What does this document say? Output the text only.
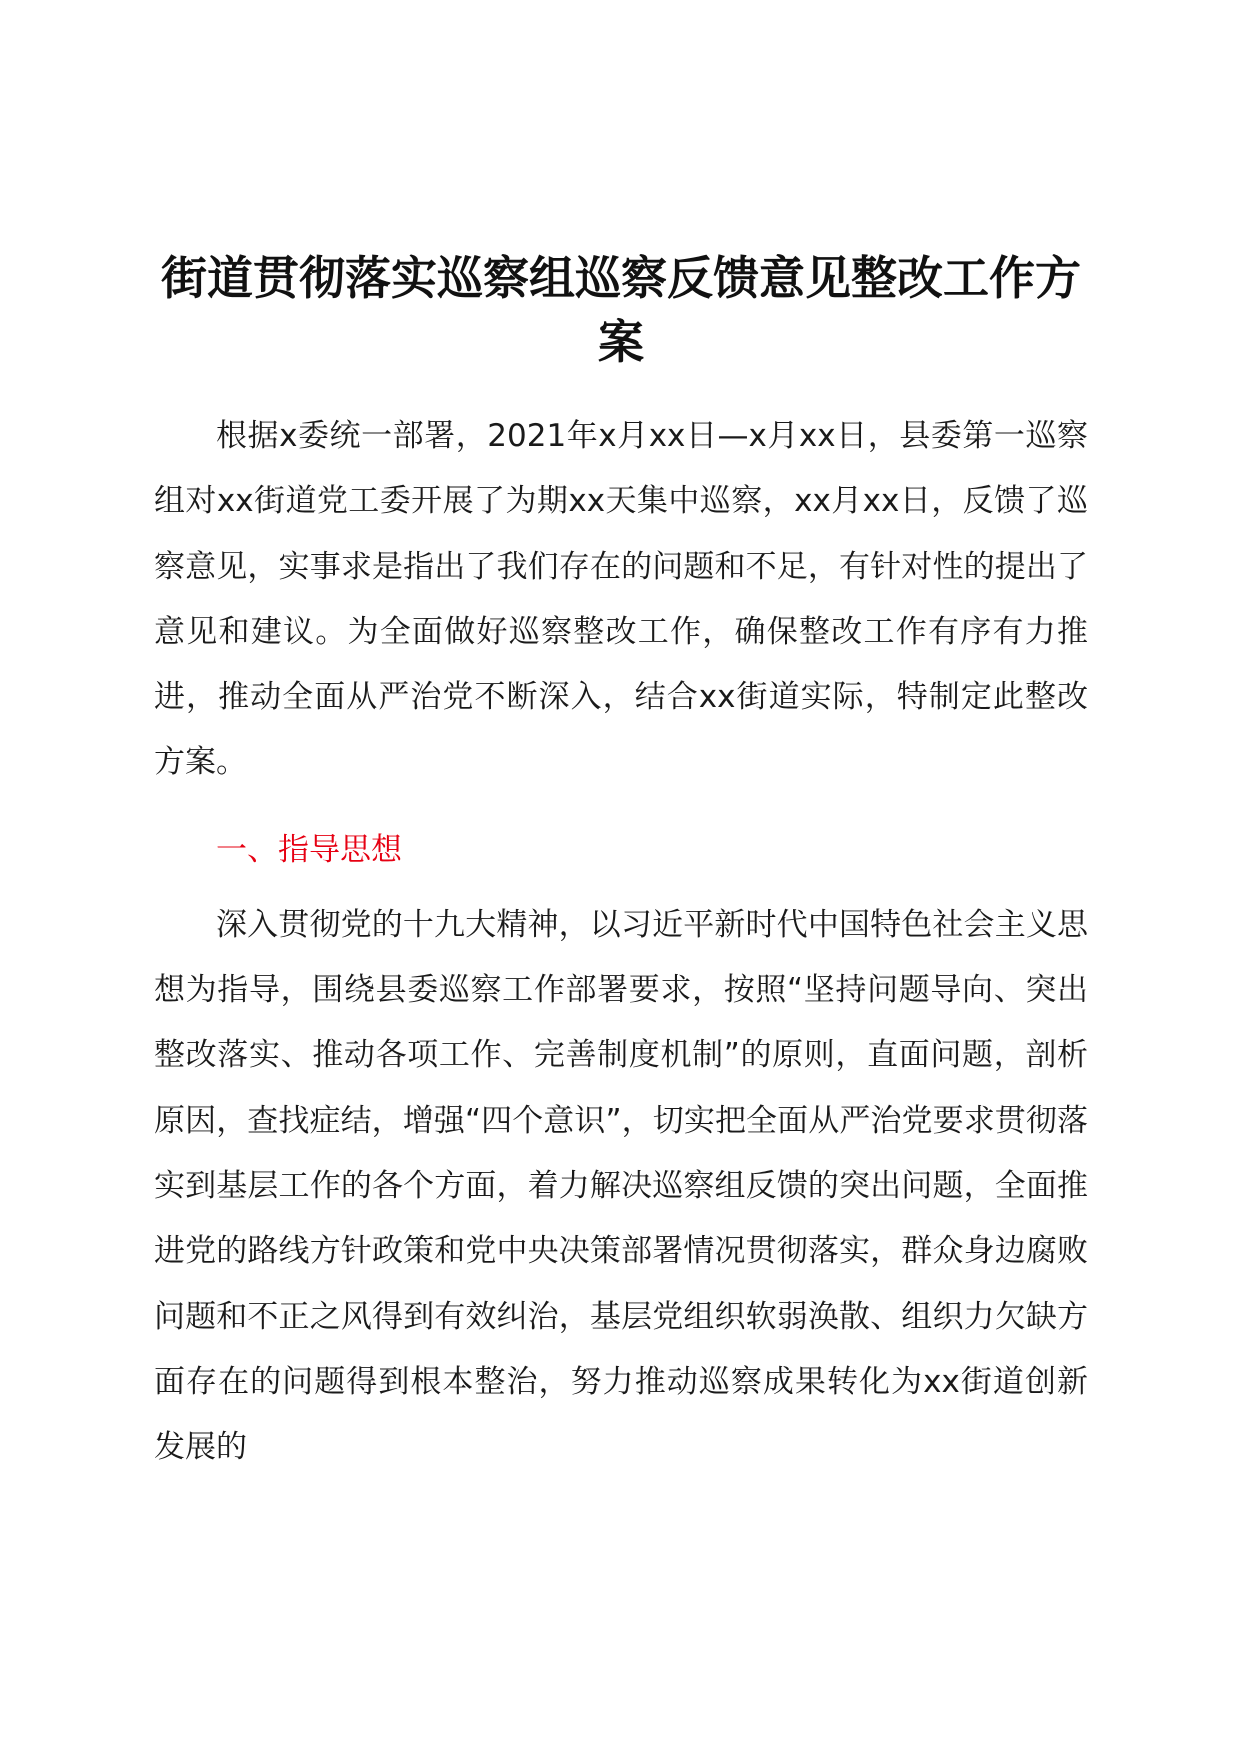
街道贯彻落实巡察组巡察反馈意见整改工作方案

根据x委统一部署，2021年x月xx日—x月xx日，县委第一巡察组对xx街道党工委开展了为期xx天集中巡察，xx月xx日，反馈了巡察意见，实事求是指出了我们存在的问题和不足，有针对性的提出了意见和建议。为全面做好巡察整改工作，确保整改工作有序有力推进，推动全面从严治党不断深入，结合xx街道实际，特制定此整改方案。

一、指导思想

深入贯彻党的十九大精神，以习近平新时代中国特色社会主义思想为指导，围绕县委巡察工作部署要求，按照“坚持问题导向、突出整改落实、推动各项工作、完善制度机制”的原则，直面问题，剖析原因，查找症结，增强“四个意识”，切实把全面从严治党要求贯彻落实到基层工作的各个方面，着力解决巡察组反馈的突出问题，全面推进党的路线方针政策和党中央决策部署情况贯彻落实，群众身边腐败问题和不正之风得到有效纠治，基层党组织软弱涣散、组织力欠缺方面存在的问题得到根本整治，努力推动巡察成果转化为xx街道创新发展的
